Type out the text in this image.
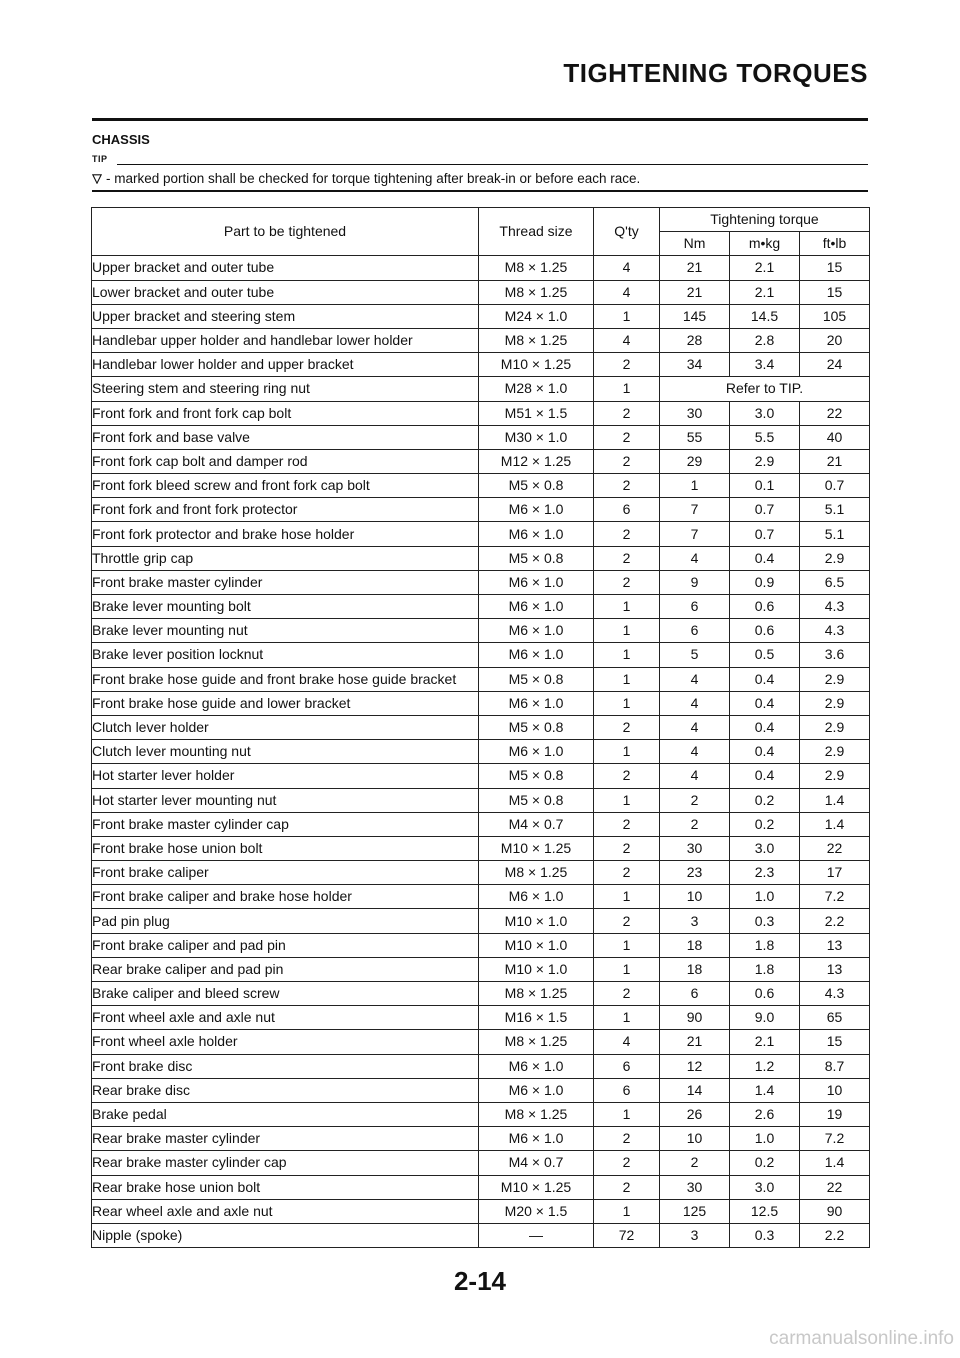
TIGHTENING TORQUES
CHASSIS
TIP
- marked portion shall be checked for torque tightening after break-in or before each race.
Part to be tightened	Thread size	Q'ty	Tightening torque		
			Nm	m•kg	ft•lb

Upper bracket and outer tube	M8 × 1.25	4	21	2.1	15

Lower bracket and outer tube	M8 × 1.25	4	21	2.1	15

Upper bracket and steering stem	M24 × 1.0	1	145	14.5	105

Handlebar upper holder and handlebar lower holder	M8 × 1.25	4	28	2.8	20

Handlebar lower holder and upper bracket	M10 × 1.25	2	34	3.4	24

Steering stem and steering ring nut	M28 × 1.0	1	Refer to TIP.		
Front fork and front fork cap bolt	M51 × 1.5	2	30	3.0	22
Front fork and base valve	M30 × 1.0	2	55	5.5	40
Front fork cap bolt and damper rod	M12 × 1.25	2	29	2.9	21
Front fork bleed screw and front fork cap bolt	M5 × 0.8	2	1	0.1	0.7

Front fork and front fork protector	M6 × 1.0	6	7	0.7	5.1

Front fork protector and brake hose holder	M6 × 1.0	2	7	0.7	5.1
Throttle grip cap	M5 × 0.8	2	4	0.4	2.9

Front brake master cylinder	M6 × 1.0	2	9	0.9	6.5
Brake lever mounting bolt	M6 × 1.0	1	6	0.6	4.3
Brake lever mounting nut	M6 × 1.0	1	6	0.6	4.3
Brake lever position locknut	M6 × 1.0	1	5	0.5	3.6

Front brake hose guide and front brake hose guide bracket	M5 × 0.8	1	4	0.4	2.9

Front brake hose guide and lower bracket	M6 × 1.0	1	4	0.4	2.9
Clutch lever holder	M5 × 0.8	2	4	0.4	2.9
Clutch lever mounting nut	M6 × 1.0	1	4	0.4	2.9
Hot starter lever holder	M5 × 0.8	2	4	0.4	2.9
Hot starter lever mounting nut	M5 × 0.8	1	2	0.2	1.4
Front brake master cylinder cap	M4 × 0.7	2	2	0.2	1.4

Front brake hose union bolt	M10 × 1.25	2	30	3.0	22

Front brake caliper	M8 × 1.25	2	23	2.3	17

Front brake caliper and brake hose holder	M6 × 1.0	1	10	1.0	7.2
Pad pin plug	M10 × 1.0	2	3	0.3	2.2

Front brake caliper and pad pin	M10 × 1.0	1	18	1.8	13

Rear brake caliper and pad pin	M10 × 1.0	1	18	1.8	13

Brake caliper and bleed screw	M8 × 1.25	2	6	0.6	4.3

Front wheel axle and axle nut	M16 × 1.5	1	90	9.0	65

Front wheel axle holder	M8 × 1.25	4	21	2.1	15

Front brake disc	M6 × 1.0	6	12	1.2	8.7

Rear brake disc	M6 × 1.0	6	14	1.4	10

Brake pedal	M8 × 1.25	1	26	2.6	19

Rear brake master cylinder	M6 × 1.0	2	10	1.0	7.2
Rear brake master cylinder cap	M4 × 0.7	2	2	0.2	1.4

Rear brake hose union bolt	M10 × 1.25	2	30	3.0	22

Rear wheel axle and axle nut	M20 × 1.5	1	125	12.5	90

Nipple (spoke)	—	72	3	0.3	2.2
2-14
carmanualsonline.info
